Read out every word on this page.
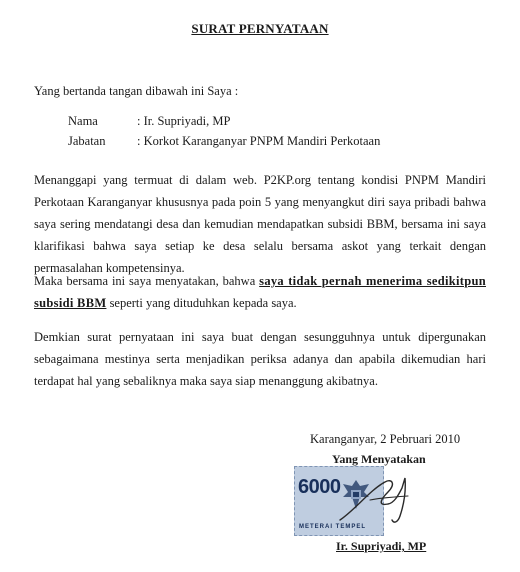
SURAT PERNYATAAN
Yang bertanda tangan dibawah ini Saya :
Nama	: Ir. Supriyadi, MP
Jabatan	: Korkot Karanganyar PNPM Mandiri Perkotaan
Menanggapi yang termuat di dalam web. P2KP.org tentang kondisi PNPM Mandiri Perkotaan Karanganyar khususnya pada poin 5 yang menyangkut diri saya pribadi bahwa saya sering mendatangi desa dan kemudian mendapatkan subsidi BBM, bersama ini saya klarifikasi bahwa saya setiap ke desa selalu bersama askot yang terkait dengan permasalahan kompetensinya.
Maka bersama ini saya menyatakan, bahwa saya tidak pernah menerima sedikitpun subsidi BBM seperti yang dituduhkan kepada saya.
Demkian surat pernyataan ini saya buat dengan sesungguhnya untuk dipergunakan sebagaimana mestinya serta menjadikan periksa adanya dan apabila dikemudian hari terdapat hal yang sebaliknya maka saya siap menanggung akibatnya.
Karanganyar, 2 Pebruari 2010
Yang Menyatakan
6000
METERAI TEMPEL
Ir. Supriyadi, MP
